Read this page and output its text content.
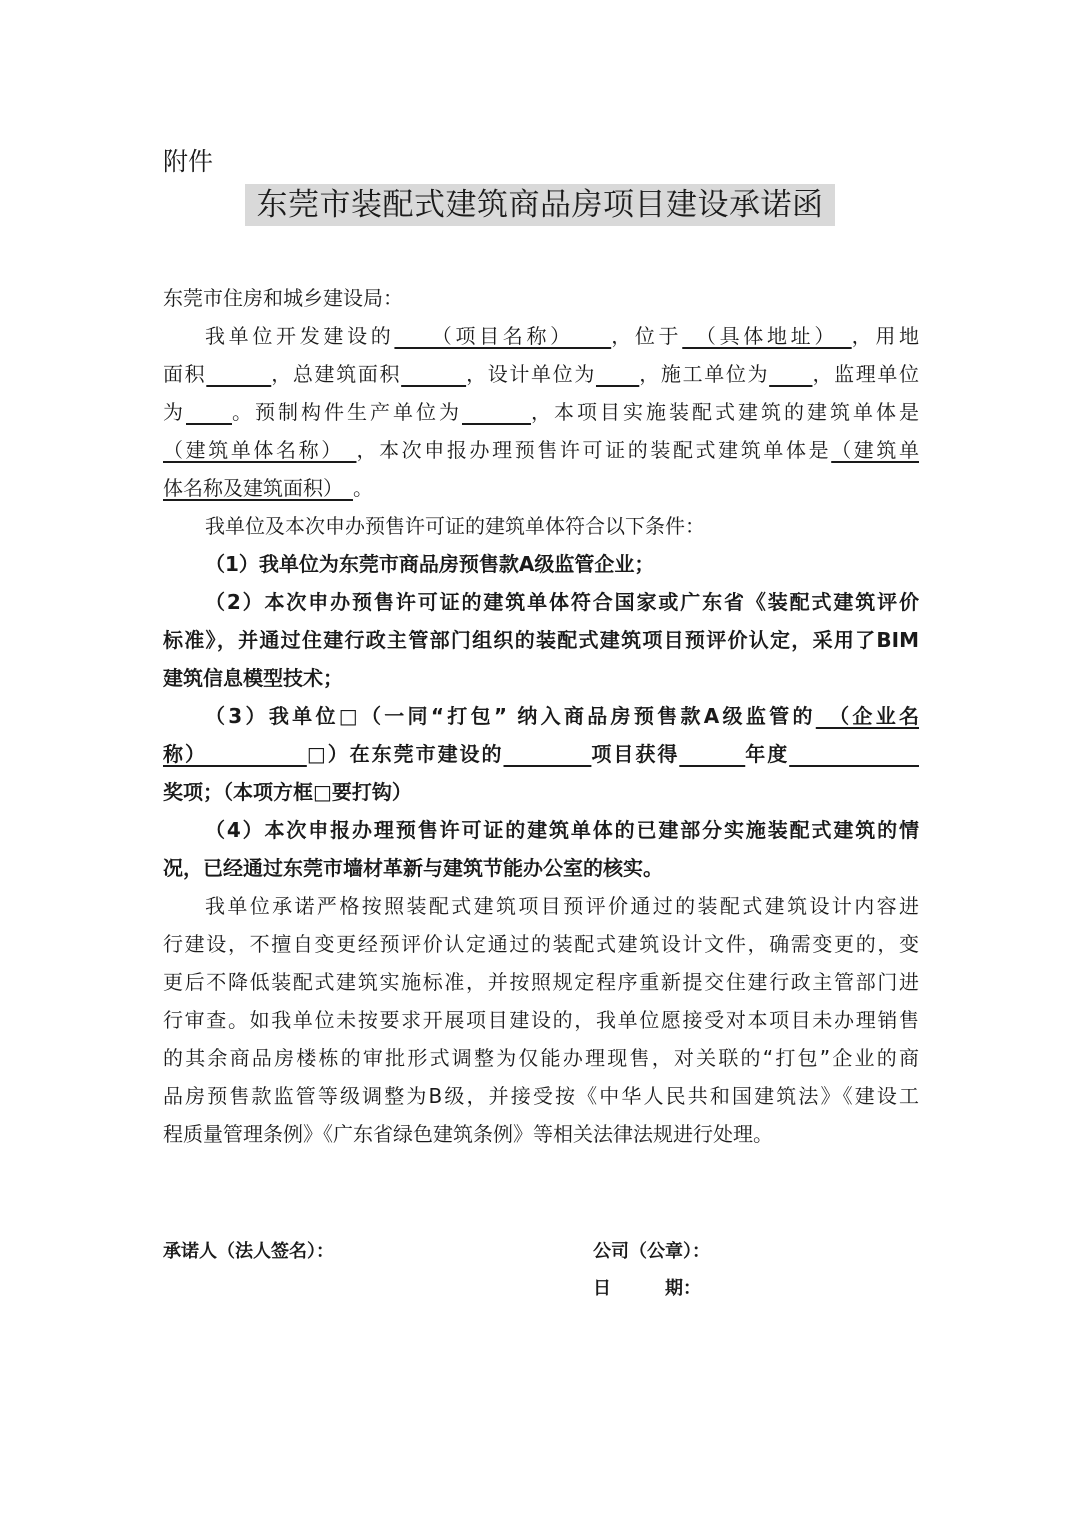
附件
东莞市装配式建筑商品房项目建设承诺函
东莞市住房和城乡建设局：
我单位开发建设的　　（项目名称）　　，位于　（具体地址）　，用地
面积　　　	，总建筑面积　　　	，设计单位为　　 ，施工单位为　　 ，监理单位
为　　 。预制构件生产单位为　　　	，本项目实施装配式建筑的建筑单体是
（建筑单体名称）　，本次申报办理预售许可证的装配式建筑单体是（建筑单
体名称及建筑面积）　。
我单位及本次申办预售许可证的建筑单体符合以下条件：
（1）我单位为东莞市商品房预售款A级监管企业；
（2）本次申办预售许可证的建筑单体符合国家或广东省《装配式建筑评价
标准》，并通过住建行政主管部门组织的装配式建筑项目预评价认定，采用了BIM
建筑信息模型技术；
（3）我单位□（一同“打包” 纳入商品房预售款A级监管的　（企业名
称）　　　　　□）在东莞市建设的　　　　	项目获得　　　	年度　　　　　　
奖项；（本项方框□要打钩）
（4）本次申报办理预售许可证的建筑单体的已建部分实施装配式建筑的情
况，已经通过东莞市墙材革新与建筑节能办公室的核实。
我单位承诺严格按照装配式建筑项目预评价通过的装配式建筑设计内容进
行建设，不擅自变更经预评价认定通过的装配式建筑设计文件，确需变更的，变
更后不降低装配式建筑实施标准，并按照规定程序重新提交住建行政主管部门进
行审查。如我单位未按要求开展项目建设的，我单位愿接受对本项目未办理销售
的其余商品房楼栋的审批形式调整为仅能办理现售，对关联的“打包”企业的商
品房预售款监管等级调整为B级，并接受按《中华人民共和国建筑法》《建设工
程质量管理条例》《广东省绿色建筑条例》等相关法律法规进行处理。
承诺人（法人签名）：	公司（公章）：
日　　　期：
